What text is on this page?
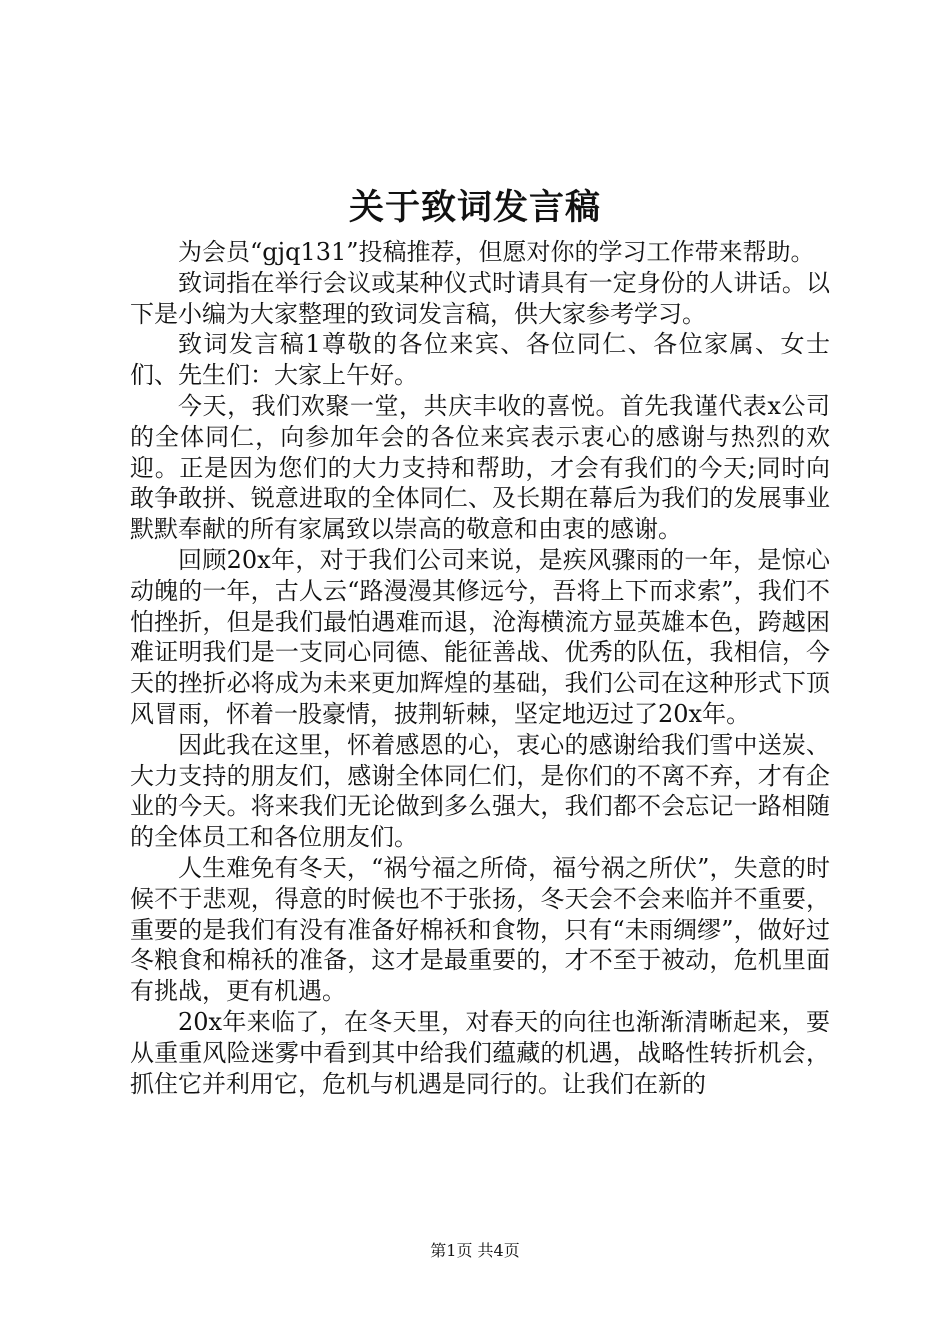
关于致词发言稿

为会员“gjq131”投稿推荐，但愿对你的学习工作带来帮助。

致词指在举行会议或某种仪式时请具有一定身份的人讲话。以下是小编为大家整理的致词发言稿，供大家参考学习。

致词发言稿1尊敬的各位来宾、各位同仁、各位家属、女士们、先生们：大家上午好。

今天，我们欢聚一堂，共庆丰收的喜悦。首先我谨代表x公司的全体同仁，向参加年会的各位来宾表示衷心的感谢与热烈的欢迎。正是因为您们的大力支持和帮助，才会有我们的今天;同时向敢争敢拼、锐意进取的全体同仁、及长期在幕后为我们的发展事业默默奉献的所有家属致以崇高的敬意和由衷的感谢。

回顾20x年，对于我们公司来说，是疾风骤雨的一年，是惊心动魄的一年，古人云“路漫漫其修远兮，吾将上下而求索”，我们不怕挫折，但是我们最怕遇难而退，沧海横流方显英雄本色，跨越困难证明我们是一支同心同德、能征善战、优秀的队伍，我相信，今天的挫折必将成为未来更加辉煌的基础，我们公司在这种形式下顶风冒雨，怀着一股豪情，披荆斩棘，坚定地迈过了20x年。

因此我在这里，怀着感恩的心，衷心的感谢给我们雪中送炭、大力支持的朋友们，感谢全体同仁们，是你们的不离不弃，才有企业的今天。将来我们无论做到多么强大，我们都不会忘记一路相随的全体员工和各位朋友们。

人生难免有冬天，“祸兮福之所倚，福兮祸之所伏”，失意的时候不于悲观，得意的时候也不于张扬，冬天会不会来临并不重要，重要的是我们有没有准备好棉袄和食物，只有“未雨绸缪”，做好过冬粮食和棉袄的准备，这才是最重要的，才不至于被动，危机里面有挑战，更有机遇。

20x年来临了，在冬天里，对春天的向往也渐渐清晰起来，要从重重风险迷雾中看到其中给我们蕴藏的机遇，战略性转折机会，抓住它并利用它，危机与机遇是同行的。让我们在新的

第1页 共4页
